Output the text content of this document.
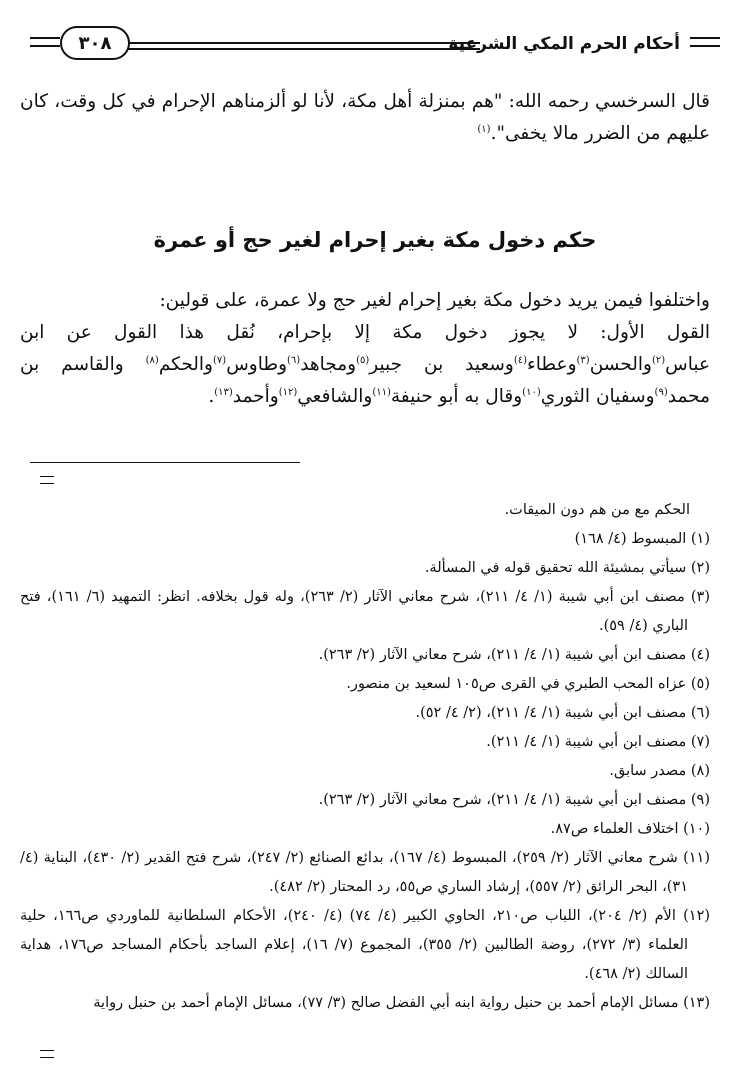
أحكام الحرم المكي الشرعية
٣٠٨

قال السرخسي رحمه الله: "هم بمنزلة أهل مكة، لأنا لو ألزمناهم الإحرام في كل وقت، كان عليهم من الضرر مالا يخفى".$^{(١)}$

حكم دخول مكة بغير إحرام لغير حج أو عمرة

واختلفوا فيمن يريد دخول مكة بغير إحرام لغير حج ولا عمرة، على قولين:

القول الأول: لا يجوز دخول مكة إلا بإحرام، نُقل هذا القول عن ابن عباس$^{(٢)}$والحسن$^{(٣)}$وعطاء$^{(٤)}$وسعيد بن جبير$^{(٥)}$ومجاهد$^{(٦)}$وطاوس$^{(٧)}$والحكم$^{(٨)}$ والقاسم بن محمد$^{(٩)}$وسفيان الثوري$^{(١٠)}$وقال به أبو حنيفة$^{(١١)}$والشافعي$^{(١٢)}$وأحمد$^{(١٣)}$.

الحكم مع من هم دون الميقات.

(١) المبسوط (٤/ ١٦٨)

(٢) سيأتي بمشيئة الله تحقيق قوله في المسألة.

(٣) مصنف ابن أبي شيبة (١/ ٤/ ٢١١)، شرح معاني الآثار (٢/ ٢٦٣)، وله قول بخلافه. انظر: التمهيد (٦/ ١٦١)، فتح الباري (٤/ ٥٩).

(٤) مصنف ابن أبي شيبة (١/ ٤/ ٢١١)، شرح معاني الآثار (٢/ ٢٦٣).

(٥) عزاه المحب الطبري في القرى ص١٠٥ لسعيد بن منصور.

(٦) مصنف ابن أبي شيبة (١/ ٤/ ٢١١)، (٢/ ٤/ ٥٢).

(٧) مصنف ابن أبي شيبة (١/ ٤/ ٢١١).

(٨) مصدر سابق.

(٩) مصنف ابن أبي شيبة (١/ ٤/ ٢١١)، شرح معاني الآثار (٢/ ٢٦٣).

(١٠) اختلاف العلماء ص٨٧.

(١١) شرح معاني الآثار (٢/ ٢٥٩)، المبسوط (٤/ ١٦٧)، بدائع الصنائع (٢/ ٢٤٧)، شرح فتح القدير (٢/ ٤٣٠)، البناية (٤/ ٣١)، البحر الرائق (٢/ ٥٥٧)، إرشاد الساري ص٥٥، رد المحتار (٢/ ٤٨٢).

(١٢) الأم (٢/ ٢٠٤)، اللباب ص٢١٠، الحاوي الكبير (٤/ ٧٤) (٤/ ٢٤٠)، الأحكام السلطانية للماوردي ص١٦٦، حلية العلماء (٣/ ٢٧٢)، روضة الطالبين (٢/ ٣٥٥)، المجموع (٧/ ١٦)، إعلام الساجد بأحكام المساجد ص١٧٦، هداية السالك (٢/ ٤٦٨).

(١٣) مسائل الإمام أحمد بن حنبل رواية ابنه أبي الفضل صالح (٣/ ٧٧)، مسائل الإمام أحمد بن حنبل رواية
